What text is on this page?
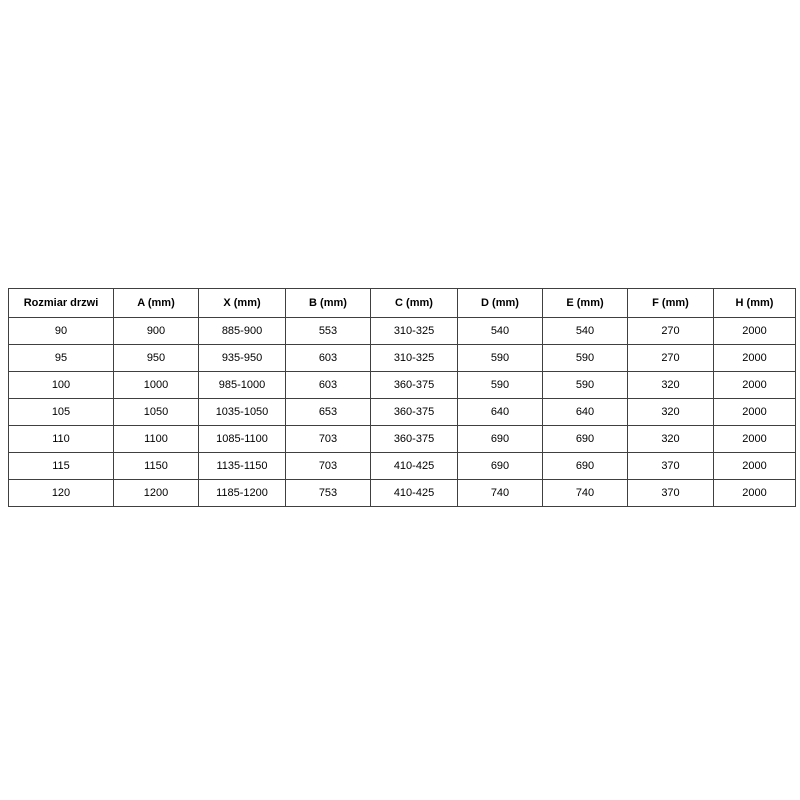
Rozmiar drzwi	A (mm)	X (mm)	B (mm)	C (mm)	D (mm)	E (mm)	F (mm)	H (mm)
90	900	885-900	553	310-325	540	540	270	2000
95	950	935-950	603	310-325	590	590	270	2000
100	1000	985-1000	603	360-375	590	590	320	2000
105	1050	1035-1050	653	360-375	640	640	320	2000
110	1100	1085-1100	703	360-375	690	690	320	2000
115	1150	1135-1150	703	410-425	690	690	370	2000
120	1200	1185-1200	753	410-425	740	740	370	2000
